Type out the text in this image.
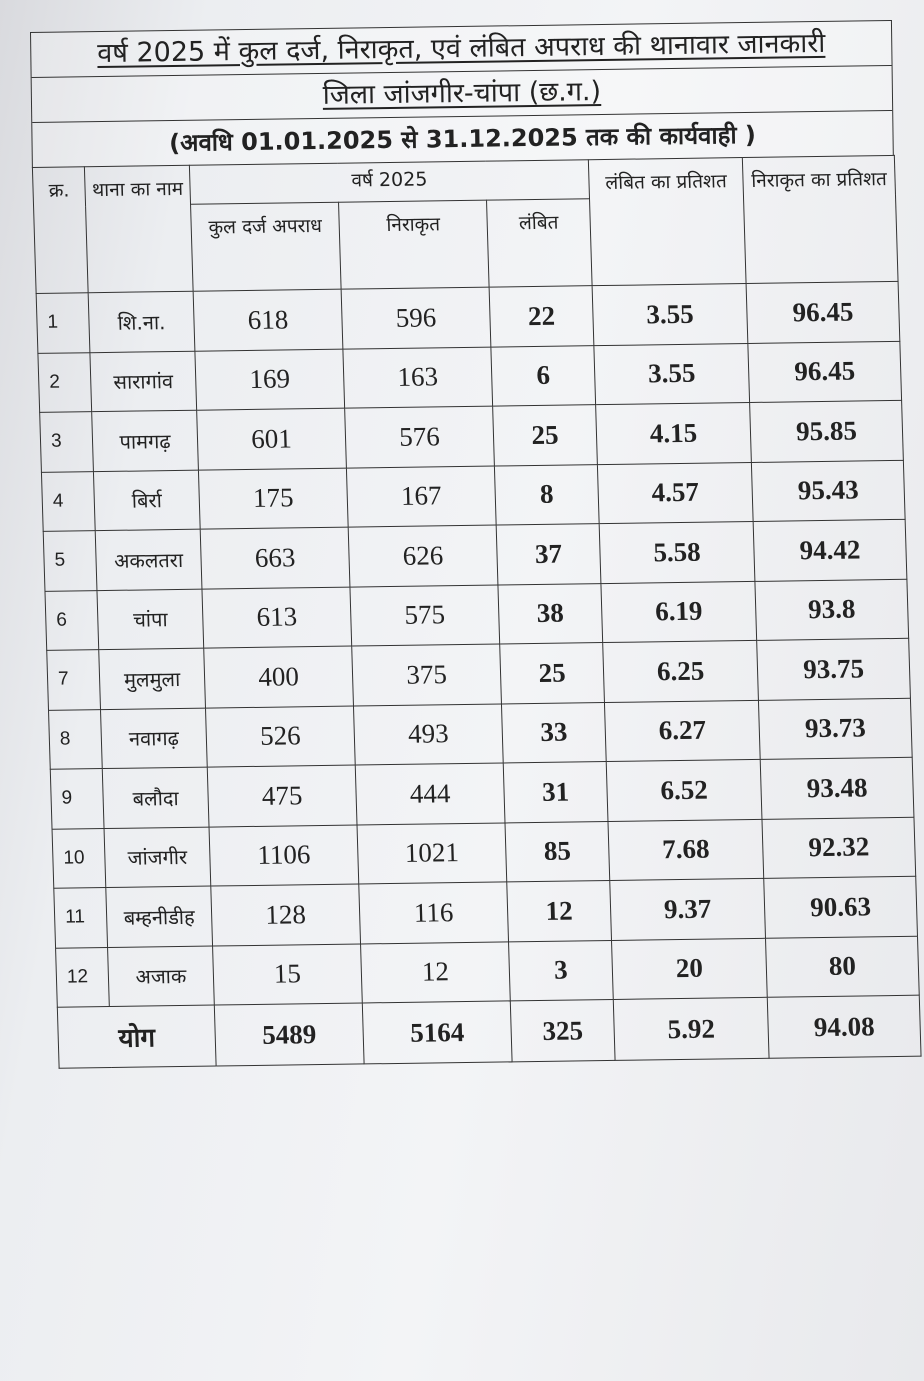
वर्ष 2025 में कुल दर्ज, निराकृत, एवं लंबित अपराध की थानावार जानकारी
जिला जांजगीर-चांपा (छ.ग.)
(अवधि 01.01.2025 से 31.12.2025 तक की कार्यवाही )
क्र.	थाना का नाम	वर्ष 2025			लंबित का प्रतिशत	निराकृत का प्रतिशत
		कुल दर्ज अपराध	निराकृत	लंबित		
1	शि.ना.	618	596	22	3.55	96.45
2	सारागांव	169	163	6	3.55	96.45
3	पामगढ़	601	576	25	4.15	95.85
4	बिर्रा	175	167	8	4.57	95.43
5	अकलतरा	663	626	37	5.58	94.42
6	चांपा	613	575	38	6.19	93.8
7	मुलमुला	400	375	25	6.25	93.75
8	नवागढ़	526	493	33	6.27	93.73
9	बलौदा	475	444	31	6.52	93.48
10	जांजगीर	1106	1021	85	7.68	92.32
11	बम्हनीडीह	128	116	12	9.37	90.63
12	अजाक	15	12	3	20	80
योग		5489	5164	325	5.92	94.08
